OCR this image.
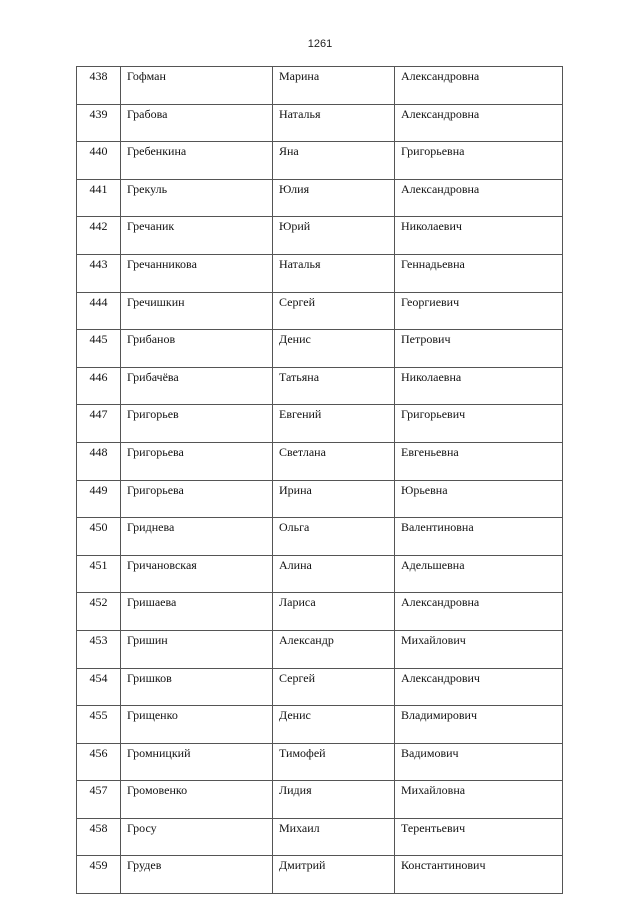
1261
438	Гофман	Марина	Александровна
439	Грабова	Наталья	Александровна
440	Гребенкина	Яна	Григорьевна
441	Грекуль	Юлия	Александровна
442	Гречаник	Юрий	Николаевич
443	Гречанникова	Наталья	Геннадьевна
444	Гречишкин	Сергей	Георгиевич
445	Грибанов	Денис	Петрович
446	Грибачёва	Татьяна	Николаевна
447	Григорьев	Евгений	Григорьевич
448	Григорьева	Светлана	Евгеньевна
449	Григорьева	Ирина	Юрьевна
450	Гриднева	Ольга	Валентиновна
451	Гричановская	Алина	Адельшевна
452	Гришаева	Лариса	Александровна
453	Гришин	Александр	Михайлович
454	Гришков	Сергей	Александрович
455	Грищенко	Денис	Владимирович
456	Громницкий	Тимофей	Вадимович
457	Громовенко	Лидия	Михайловна
458	Гросу	Михаил	Терентьевич
459	Грудев	Дмитрий	Константинович
